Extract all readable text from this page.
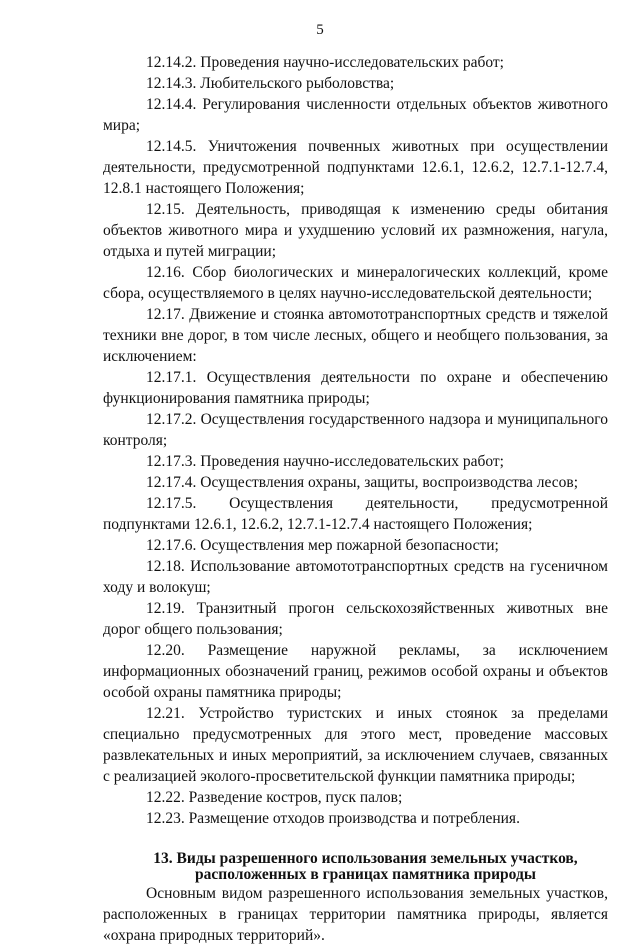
5

12.14.2. Проведения научно-исследовательских работ;

12.14.3. Любительского рыболовства;

12.14.4. Регулирования численности отдельных объектов животного мира;

12.14.5. Уничтожения почвенных животных при осуществлении деятельности, предусмотренной подпунктами 12.6.1, 12.6.2, 12.7.1-12.7.4, 12.8.1 настоящего Положения;

12.15. Деятельность, приводящая к изменению среды обитания объектов животного мира и ухудшению условий их размножения, нагула, отдыха и путей миграции;

12.16. Сбор биологических и минералогических коллекций, кроме сбора, осуществляемого в целях научно-исследовательской деятельности;

12.17. Движение и стоянка автомототранспортных средств и тяжелой техники вне дорог, в том числе лесных, общего и необщего пользования, за исключением:

12.17.1. Осуществления деятельности по охране и обеспечению функционирования памятника природы;

12.17.2. Осуществления государственного надзора и муниципального контроля;

12.17.3. Проведения научно-исследовательских работ;

12.17.4. Осуществления охраны, защиты, воспроизводства лесов;

12.17.5. Осуществления деятельности, предусмотренной подпунктами 12.6.1, 12.6.2, 12.7.1-12.7.4 настоящего Положения;

12.17.6. Осуществления мер пожарной безопасности;

12.18. Использование автомототранспортных средств на гусеничном ходу и волокуш;

12.19. Транзитный прогон сельскохозяйственных животных вне дорог общего пользования;

12.20. Размещение наружной рекламы, за исключением информационных обозначений границ, режимов особой охраны и объектов особой охраны памятника природы;

12.21. Устройство туристских и иных стоянок за пределами специально предусмотренных для этого мест, проведение массовых развлекательных и иных мероприятий, за исключением случаев, связанных с реализацией эколого-просветительской функции памятника природы;

12.22. Разведение костров, пуск палов;

12.23. Размещение отходов производства и потребления.

13. Виды разрешенного использования земельных участков,
расположенных в границах памятника природы

Основным видом разрешенного использования земельных участков, расположенных в границах территории памятника природы, является «охрана природных территорий».
